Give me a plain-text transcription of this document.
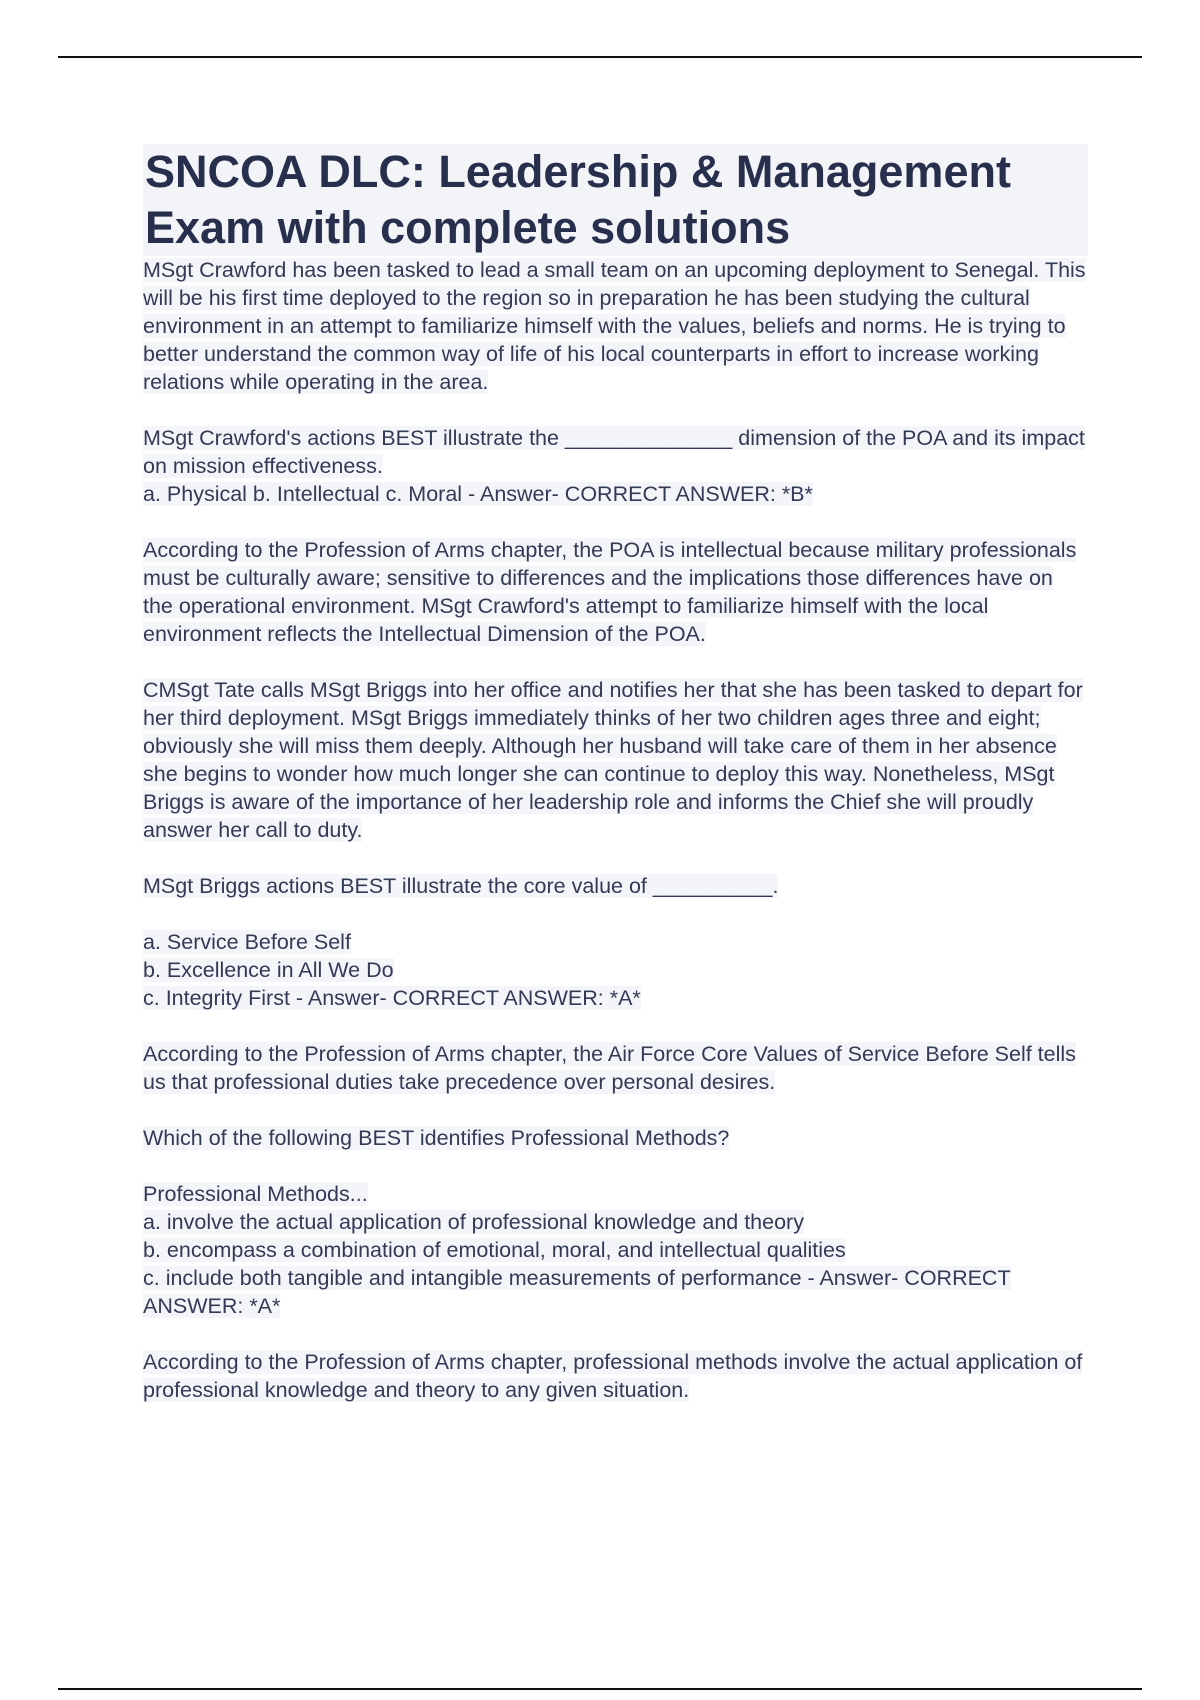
SNCOA DLC: Leadership & Management Exam with complete solutions

MSgt Crawford has been tasked to lead a small team on an upcoming deployment to Senegal. This will be his first time deployed to the region so in preparation he has been studying the cultural environment in an attempt to familiarize himself with the values, beliefs and norms. He is trying to better understand the common way of life of his local counterparts in effort to increase working relations while operating in the area.

MSgt Crawford's actions BEST illustrate the ______________ dimension of the POA and its impact on mission effectiveness.

a. Physical b. Intellectual c. Moral - Answer- CORRECT ANSWER: *B*

According to the Profession of Arms chapter, the POA is intellectual because military professionals must be culturally aware; sensitive to differences and the implications those differences have on the operational environment. MSgt Crawford's attempt to familiarize himself with the local environment reflects the Intellectual Dimension of the POA.

CMSgt Tate calls MSgt Briggs into her office and notifies her that she has been tasked to depart for her third deployment. MSgt Briggs immediately thinks of her two children ages three and eight; obviously she will miss them deeply. Although her husband will take care of them in her absence she begins to wonder how much longer she can continue to deploy this way. Nonetheless, MSgt Briggs is aware of the importance of her leadership role and informs the Chief she will proudly answer her call to duty.

MSgt Briggs actions BEST illustrate the core value of __________.

a. Service Before Self
b. Excellence in All We Do
c. Integrity First - Answer- CORRECT ANSWER: *A*

According to the Profession of Arms chapter, the Air Force Core Values of Service Before Self tells us that professional duties take precedence over personal desires.

Which of the following BEST identifies Professional Methods?

Professional Methods...
a. involve the actual application of professional knowledge and theory
b. encompass a combination of emotional, moral, and intellectual qualities
c. include both tangible and intangible measurements of performance - Answer- CORRECT ANSWER: *A*

According to the Profession of Arms chapter, professional methods involve the actual application of professional knowledge and theory to any given situation.
